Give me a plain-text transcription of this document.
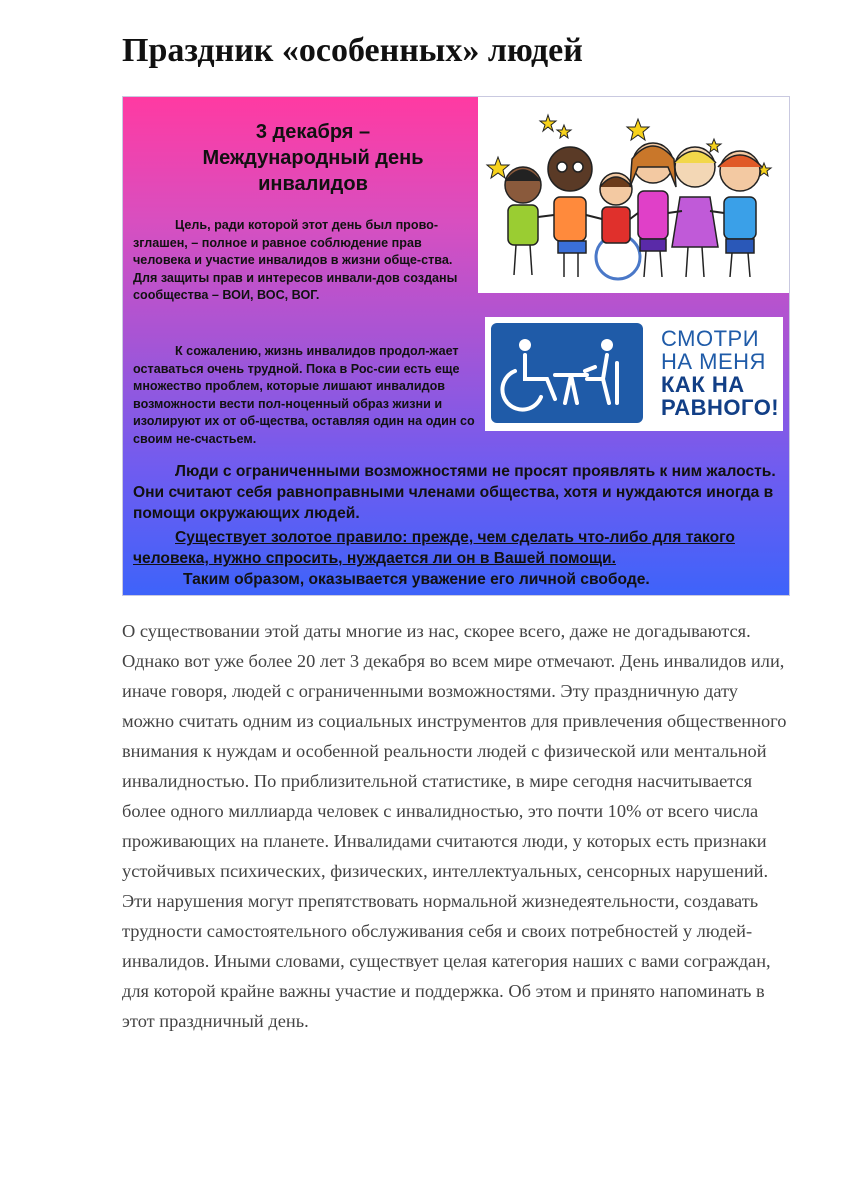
Праздник «особенных» людей
3 декабря –
Международный день
инвалидов

Цель, ради которой этот день был прово-зглашен, – полное и равное соблюдение прав человека и участие инвалидов в жизни обще-ства. Для защиты прав и интересов инвали-дов созданы сообщества – ВОИ, ВОС, ВОГ.

К сожалению, жизнь инвалидов продол-жает оставаться очень трудной. Пока в Рос-сии есть еще множество проблем, которые лишают инвалидов возможности вести пол-ноценный образ жизни и изолируют их от об-щества, оставляя один на один со своим не-счастьем.

Люди с ограниченными возможностями не просят проявлять к ним жалость. Они считают себя равноправными членами общества, хотя и нуждаются иногда в помощи окружающих людей.

Существует золотое правило: прежде, чем сделать что-либо для такого человека, нужно спросить, нуждается ли он в Вашей помощи.

Таким образом, оказывается уважение его личной свободе.

СМОТРИ
НА МЕНЯ
КАК НА
РАВНОГО!

О существовании этой даты многие из нас, скорее всего, даже не догадываются. Однако вот уже более 20 лет 3 декабря во всем мире отмечают. День инвалидов или, иначе говоря, людей с ограниченными возможностями. Эту праздничную дату можно считать одним из социальных инструментов для привлечения общественного внимания к нуждам и особенной реальности людей с физической или ментальной инвалидностью. По приблизительной статистике, в мире сегодня насчитывается более одного миллиарда человек с инвалидностью, это почти 10% от всего числа проживающих на планете. Инвалидами считаются люди, у которых есть признаки устойчивых психических, физических, интеллектуальных, сенсорных нарушений. Эти нарушения могут препятствовать нормальной жизнедеятельности, создавать трудности самостоятельного обслуживания себя и своих потребностей у людей-инвалидов. Иными словами, существует целая категория наших с вами сограждан, для которой крайне важны участие и поддержка. Об этом и принято напоминать в этот праздничный день.
